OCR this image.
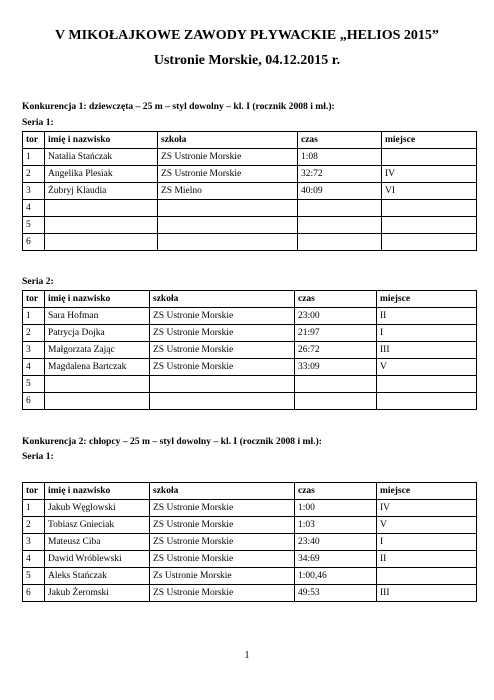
V MIKOŁAJKOWE ZAWODY PŁYWACKIE „HELIOS 2015”
Ustronie Morskie, 04.12.2015 r.
Konkurencja 1: dziewczęta – 25 m – styl dowolny – kl. I (rocznik 2008 i mł.):
Seria 1:
tor	imię i nazwisko	szkoła	czas	miejsce
1	Natalia Stańczak	ZS Ustronie Morskie	1:08	
2	Angelika Plesiak	ZS Ustronie Morskie	32:72	IV
3	Żubryj Klaudia	ZS Mielno	40:09	VI
4				
5				
6				
Seria 2:
tor	imię i nazwisko	szkoła	czas	miejsce
1	Sara Hofman	ZS Ustronie Morskie	23:00	II
2	Patrycja Dojka	ZS Ustronie Morskie	21:97	I
3	Małgorzata Zając	ZS Ustronie Morskie	26:72	III
4	Magdalena Bartczak	ZS Ustronie Morskie	33:09	V
5				
6				
Konkurencja 2: chłopcy – 25 m – styl dowolny – kl. I (rocznik 2008 i mł.):
Seria 1:
tor	imię i nazwisko	szkoła	czas	miejsce
1	Jakub Węglowski	ZS Ustronie Morskie	1:00	IV
2	Tobiasz Gnieciak	ZS Ustronie Morskie	1:03	V
3	Mateusz Ciba	ZS Ustronie Morskie	23:40	I
4	Dawid Wróblewski	ZS Ustronie Morskie	34:69	II
5	Aleks Stańczak	Zs Ustronie Morskie	1:00,46	
6	Jakub Żeromski	ZS Ustronie Morskie	49:53	III
1
